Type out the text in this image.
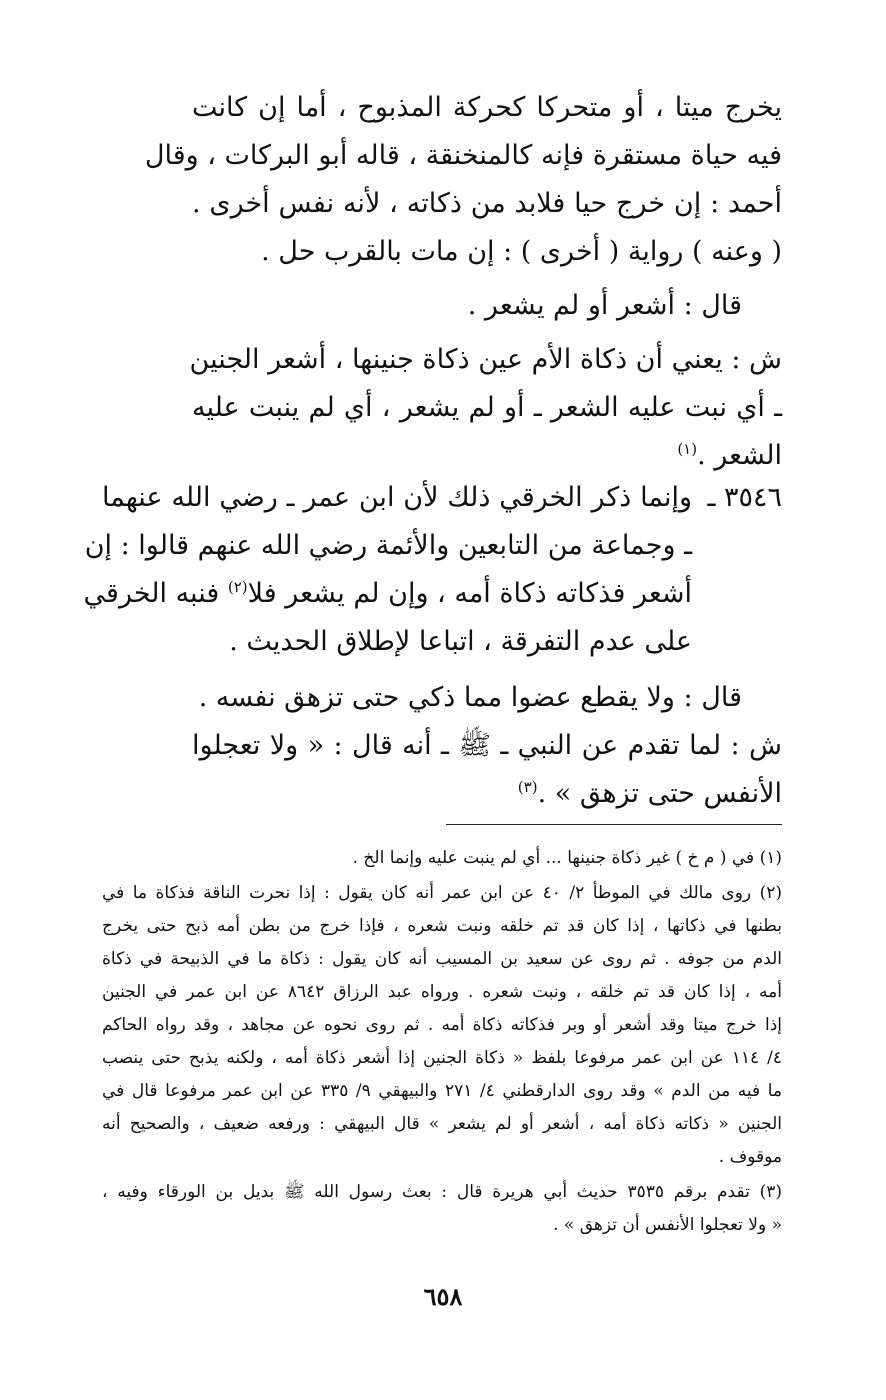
يخرج ميتا ، أو متحركا كحركة المذبوح ، أما إن كانت
فيه حياة مستقرة فإنه كالمنخنقة ، قاله أبو البركات ، وقال
أحمد : إن خرج حيا فلابد من ذكاته ، لأنه نفس أخرى .
( وعنه ) رواية ( أخرى ) : إن مات بالقرب حل .
قال : أشعر أو لم يشعر .
ش : يعني أن ذكاة الأم عين ذكاة جنينها ، أشعر الجنين
ـ أي نبت عليه الشعر ـ أو لم يشعر ، أي لم ينبت عليه
الشعر .$^{(١)}$
٣٥٤٦ ـ
وإنما ذكر الخرقي ذلك لأن ابن عمر ـ رضي الله عنهما
ـ وجماعة من التابعين والأئمة رضي الله عنهم قالوا : إن
أشعر فذكاته ذكاة أمه ، وإن لم يشعر فلا$^{(٢)}$ فنبه الخرقي
على عدم التفرقة ، اتباعا لإطلاق الحديث .
قال : ولا يقطع عضوا مما ذكي حتى تزهق نفسه .
ش : لما تقدم عن النبي ـ ﷺ ـ أنه قال : « ولا تعجلوا
الأنفس حتى تزهق » .$^{(٣)}$
(١) في ( م خ ) غير ذكاة جنينها ... أي لم ينبت عليه وإنما الخ .
(٢) روى مالك في الموطأ ٢/ ٤٠ عن ابن عمر أنه كان يقول : إذا نحرت الناقة فذكاة ما في
بطنها في ذكاتها ، إذا كان قد تم خلقه ونبت شعره ، فإذا خرج من بطن أمه ذبح حتى يخرج
الدم من جوفه . ثم روى عن سعيد بن المسيب أنه كان يقول : ذكاة ما في الذبيحة في ذكاة
أمه ، إذا كان قد تم خلقه ، ونبت شعره . ورواه عبد الرزاق ٨٦٤٢ عن ابن عمر في الجنين
إذا خرج ميتا وقد أشعر أو وبر فذكاته ذكاة أمه . ثم روى نحوه عن مجاهد ، وقد رواه الحاكم
٤/ ١١٤ عن ابن عمر مرفوعا بلفظ « ذكاة الجنين إذا أشعر ذكاة أمه ، ولكنه يذبح حتى ينصب
ما فيه من الدم » وقد روى الدارقطني ٤/ ٢٧١ والبيهقي ٩/ ٣٣٥ عن ابن عمر مرفوعا قال في
الجنين « ذكاته ذكاة أمه ، أشعر أو لم يشعر » قال البيهقي : ورفعه ضعيف ، والصحيح أنه
موقوف .
(٣) تقدم برقم ٣٥٣٥ حديث أبي هريرة قال : بعث رسول الله ﷺ بديل بن الورقاء وفيه ،
« ولا تعجلوا الأنفس أن تزهق » .
٦٥٨
